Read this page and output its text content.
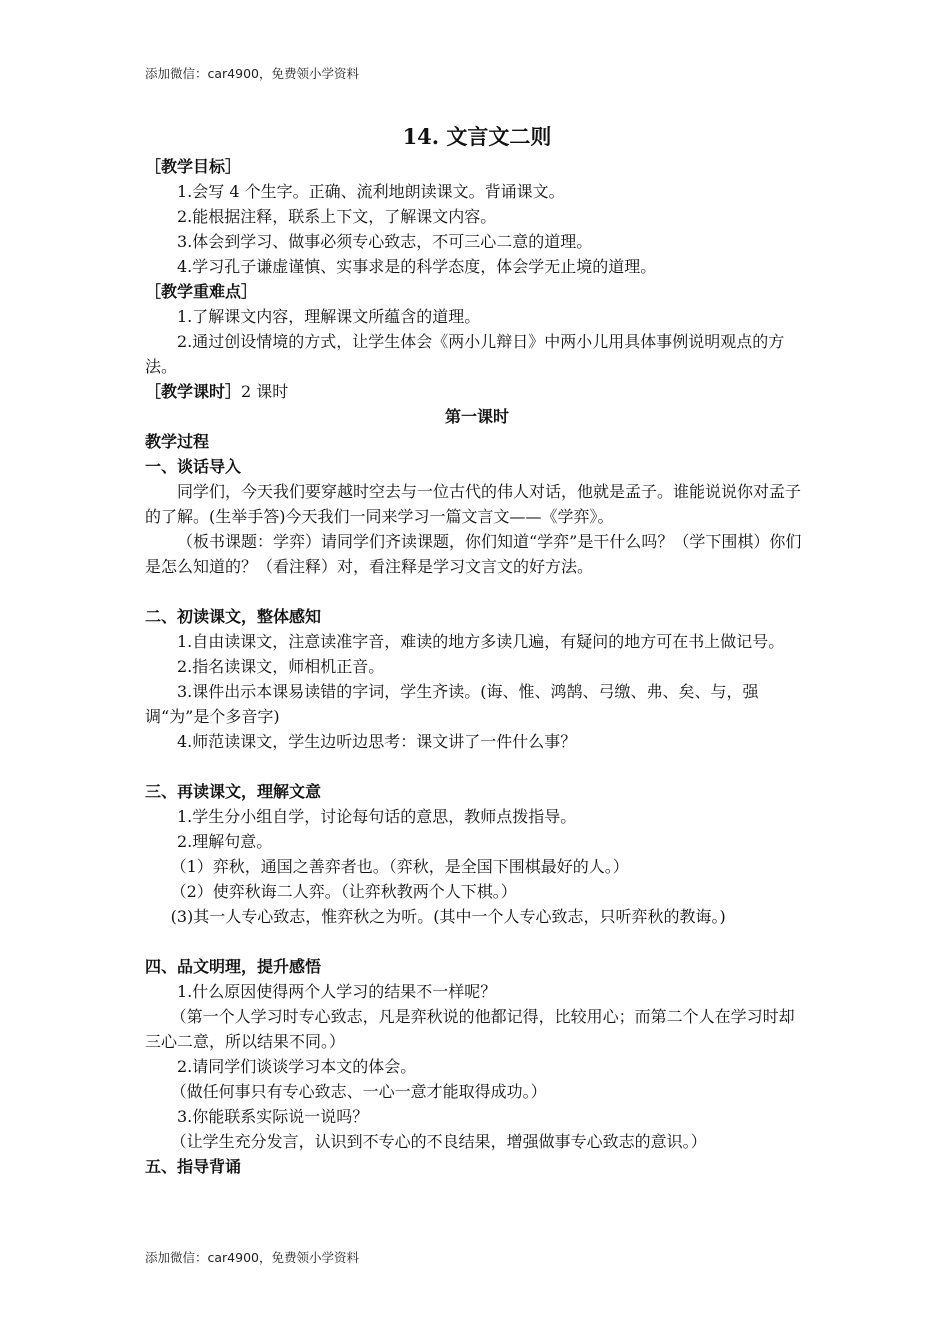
添加微信：car4900，免费领小学资料
14. 文言文二则
［教学目标］

1.会写 4 个生字。正确、流利地朗读课文。背诵课文。

2.能根据注释，联系上下文，了解课文内容。

3.体会到学习、做事必须专心致志，不可三心二意的道理。

4.学习孔子谦虚谨慎、实事求是的科学态度，体会学无止境的道理。

［教学重难点］

1.了解课文内容，理解课文所蕴含的道理。

2.通过创设情境的方式，让学生体会《两小儿辩日》中两小儿用具体事例说明观点的方法。

［教学课时］2 课时
第一课时
教学过程
一、谈话导入

同学们，今天我们要穿越时空去与一位古代的伟人对话，他就是孟子。谁能说说你对孟子的了解。(生举手答)今天我们一同来学习一篇文言文——《学弈》。

（板书课题：学弈）请同学们齐读课题，你们知道“学弈”是干什么吗？（学下围棋）你们是怎么知道的？（看注释）对，看注释是学习文言文的好方法。

二、初读课文，整体感知

1.自由读课文，注意读准字音，难读的地方多读几遍，有疑问的地方可在书上做记号。

2.指名读课文，师相机正音。

3.课件出示本课易读错的字词，学生齐读。(诲、惟、鸿鹄、弓缴、弗、矣、与，强调“为”是个多音字)

4.师范读课文，学生边听边思考：课文讲了一件什么事？

三、再读课文，理解文意

1.学生分小组自学，讨论每句话的意思，教师点拨指导。

2.理解句意。

（1）弈秋，通国之善弈者也。（弈秋，是全国下围棋最好的人。）

（2）使弈秋诲二人弈。（让弈秋教两个人下棋。）

(3)其一人专心致志，惟弈秋之为听。(其中一个人专心致志，只听弈秋的教诲。)

四、品文明理，提升感悟

1.什么原因使得两个人学习的结果不一样呢？

（第一个人学习时专心致志，凡是弈秋说的他都记得，比较用心；而第二个人在学习时却三心二意，所以结果不同。）

2.请同学们谈谈学习本文的体会。

（做任何事只有专心致志、一心一意才能取得成功。）

3.你能联系实际说一说吗？

（让学生充分发言，认识到不专心的不良结果，增强做事专心致志的意识。）

五、指导背诵
添加微信：car4900，免费领小学资料
